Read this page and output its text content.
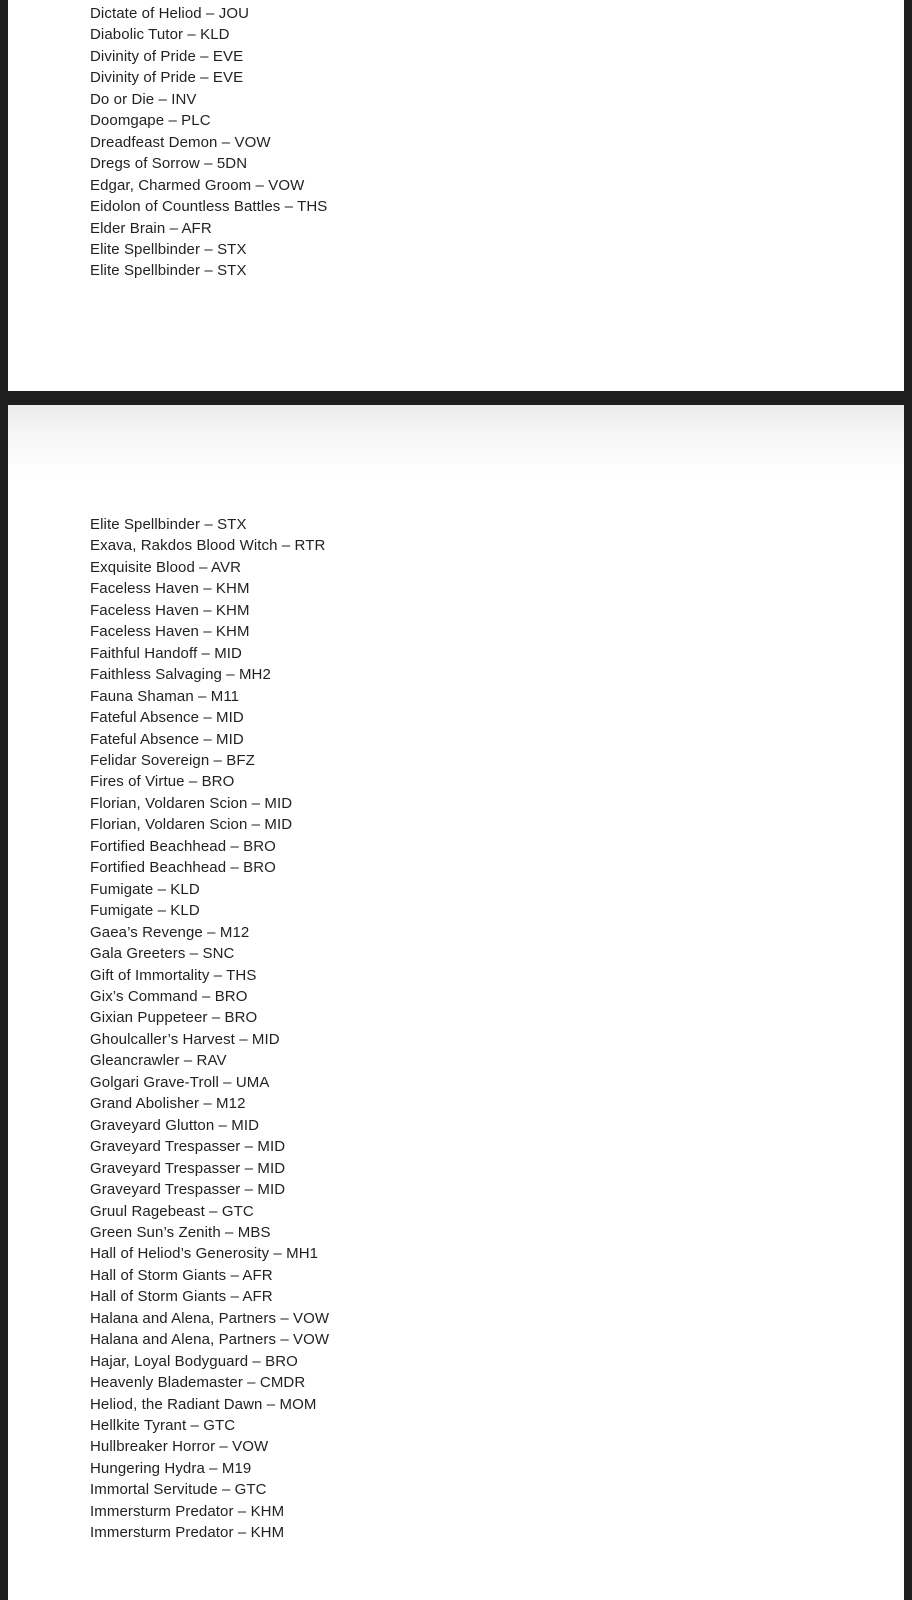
Dictate of Heliod – JOU
Diabolic Tutor – KLD
Divinity of Pride – EVE
Divinity of Pride – EVE
Do or Die – INV
Doomgape – PLC
Dreadfeast Demon – VOW
Dregs of Sorrow – 5DN
Edgar, Charmed Groom – VOW
Eidolon of Countless Battles – THS
Elder Brain – AFR
Elite Spellbinder – STX
Elite Spellbinder – STX
Elite Spellbinder – STX
Exava, Rakdos Blood Witch – RTR
Exquisite Blood – AVR
Faceless Haven – KHM
Faceless Haven – KHM
Faceless Haven – KHM
Faithful Handoff – MID
Faithless Salvaging – MH2
Fauna Shaman – M11
Fateful Absence – MID
Fateful Absence – MID
Felidar Sovereign – BFZ
Fires of Virtue – BRO
Florian, Voldaren Scion – MID
Florian, Voldaren Scion – MID
Fortified Beachhead – BRO
Fortified Beachhead – BRO
Fumigate – KLD
Fumigate – KLD
Gaea’s Revenge – M12
Gala Greeters – SNC
Gift of Immortality – THS
Gix’s Command – BRO
Gixian Puppeteer – BRO
Ghoulcaller’s Harvest – MID
Gleancrawler – RAV
Golgari Grave-Troll – UMA
Grand Abolisher – M12
Graveyard Glutton – MID
Graveyard Trespasser – MID
Graveyard Trespasser – MID
Graveyard Trespasser – MID
Gruul Ragebeast – GTC
Green Sun’s Zenith – MBS
Hall of Heliod’s Generosity – MH1
Hall of Storm Giants – AFR
Hall of Storm Giants – AFR
Halana and Alena, Partners – VOW
Halana and Alena, Partners – VOW
Hajar, Loyal Bodyguard – BRO
Heavenly Blademaster – CMDR
Heliod, the Radiant Dawn – MOM
Hellkite Tyrant – GTC
Hullbreaker Horror – VOW
Hungering Hydra – M19
Immortal Servitude – GTC
Immersturm Predator – KHM
Immersturm Predator – KHM
